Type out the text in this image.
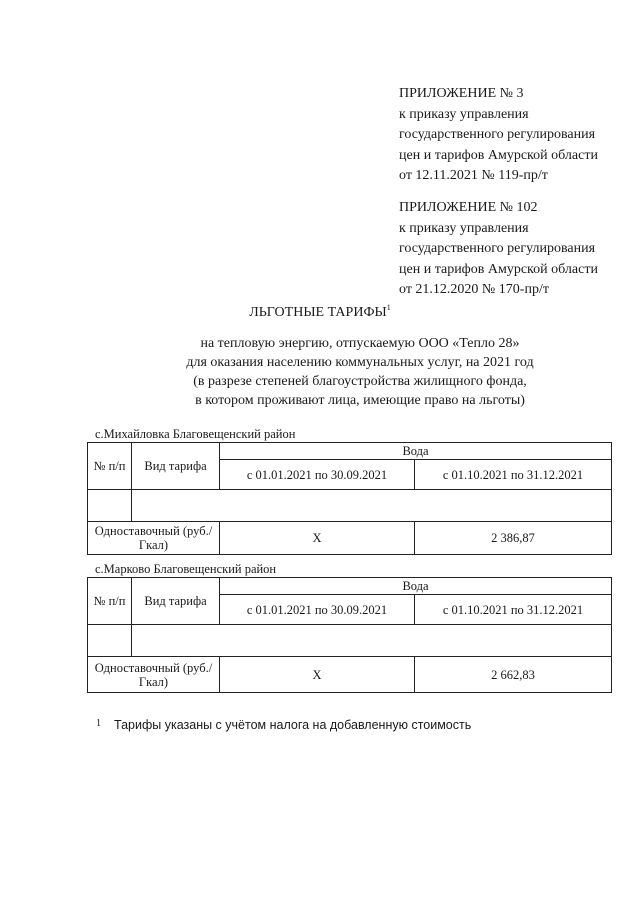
ПРИЛОЖЕНИЕ № 3
к приказу управления
государственного регулирования
цен и тарифов Амурской области
от 12.11.2021 № 119-пр/т
ПРИЛОЖЕНИЕ № 102
к приказу управления
государственного регулирования
цен и тарифов Амурской области
от 21.12.2020 № 170-пр/т
ЛЬГОТНЫЕ ТАРИФЫ$^1$
на тепловую энергию, отпускаемую ООО «Тепло 28»
для оказания населению коммунальных услуг, на 2021 год
(в разрезе степеней благоустройства жилищного фонда,
в котором проживают лица, имеющие право на льготы)
с.Михайловка Благовещенский район
№ п/п	Вид тарифа	Вода	
		с 01.01.2021 по 30.09.2021	с 01.10.2021 по 31.12.2021

Одноставочный (руб./Гкал)		Х	2 386,87
с.Марково Благовещенский район
№ п/п	Вид тарифа	Вода	
		с 01.01.2021 по 30.09.2021	с 01.10.2021 по 31.12.2021

Одноставочный (руб./Гкал)		Х	2 662,83
1 Тарифы указаны с учётом налога на добавленную стоимость
